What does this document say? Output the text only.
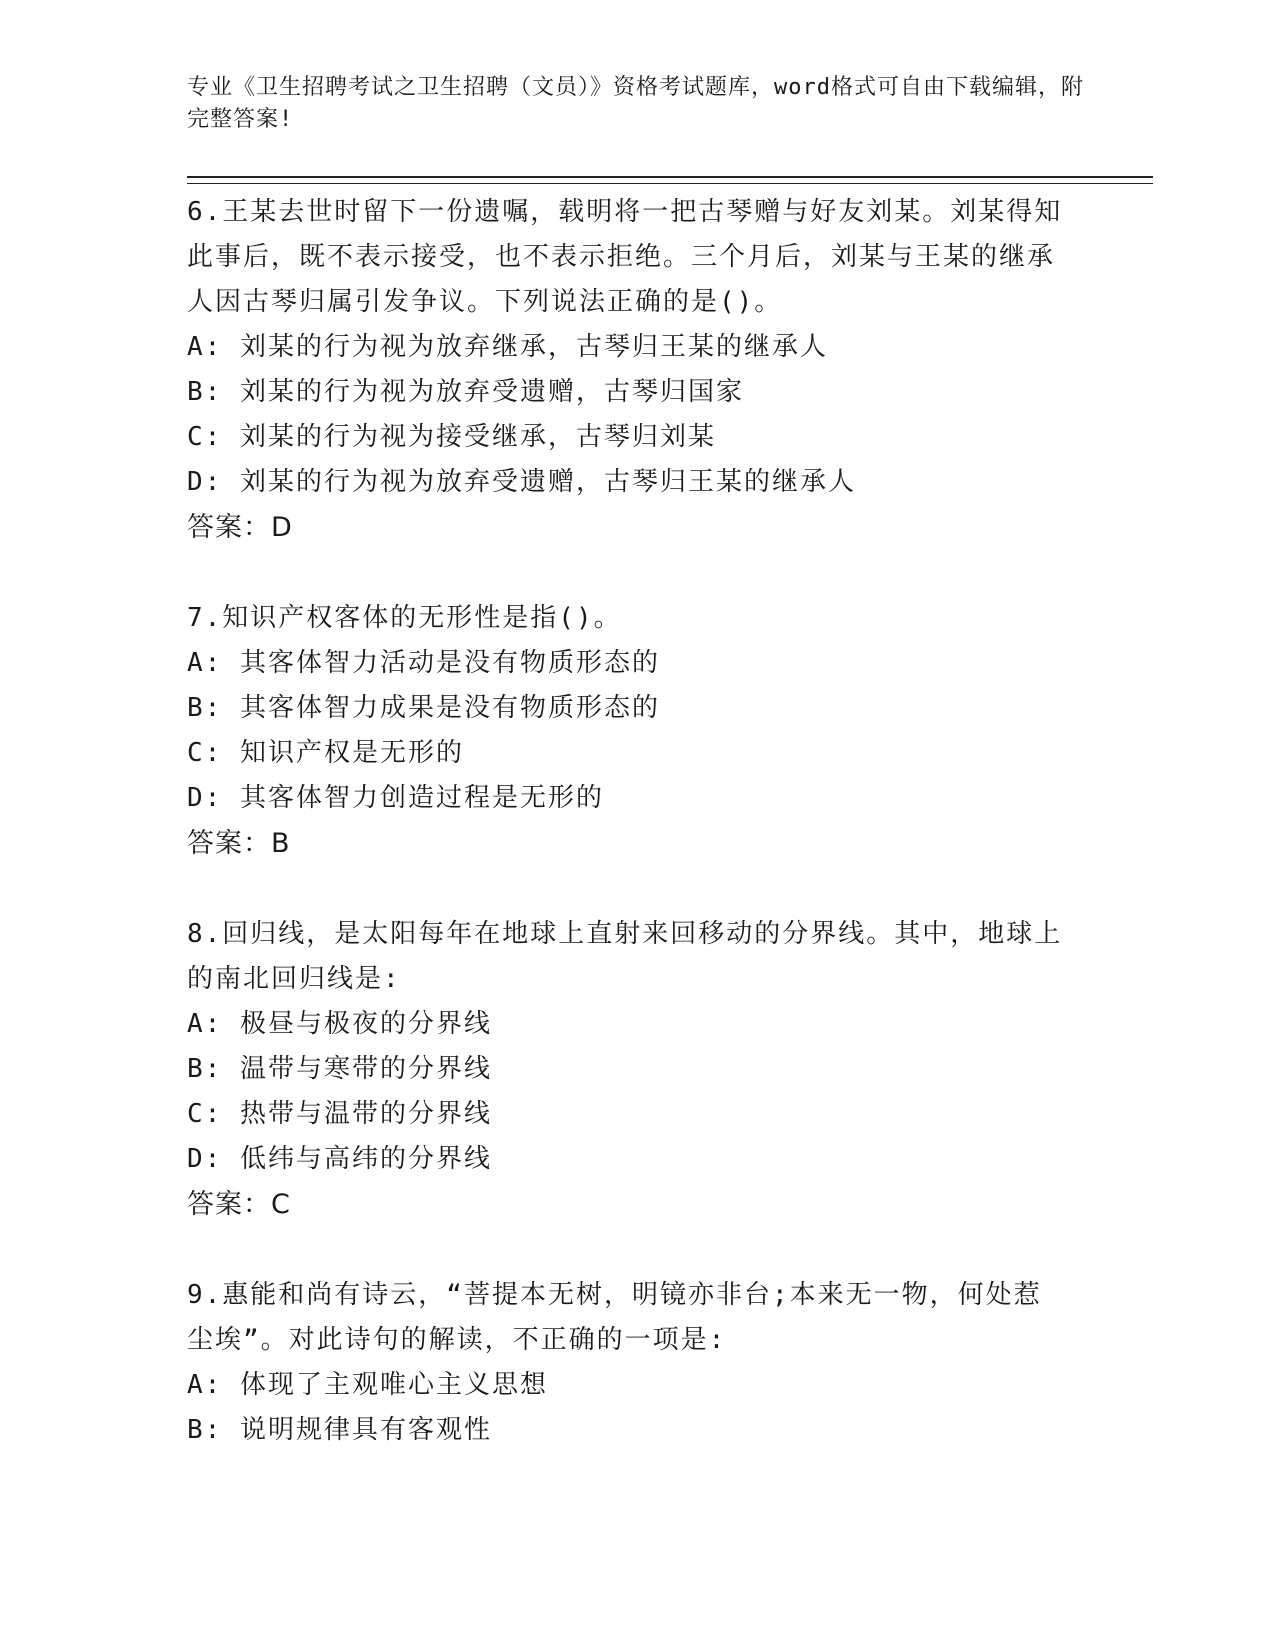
专业《卫生招聘考试之卫生招聘（文员）》资格考试题库，word格式可自由下载编辑，附完整答案!

6.王某去世时留下一份遗嘱，载明将一把古琴赠与好友刘某。刘某得知此事后，既不表示接受，也不表示拒绝。三个月后，刘某与王某的继承人因古琴归属引发争议。下列说法正确的是()。

A: 刘某的行为视为放弃继承，古琴归王某的继承人

B: 刘某的行为视为放弃受遗赠，古琴归国家

C: 刘某的行为视为接受继承，古琴归刘某

D: 刘某的行为视为放弃受遗赠，古琴归王某的继承人

答案：D

7.知识产权客体的无形性是指()。

A: 其客体智力活动是没有物质形态的

B: 其客体智力成果是没有物质形态的

C: 知识产权是无形的

D: 其客体智力创造过程是无形的

答案：B

8.回归线，是太阳每年在地球上直射来回移动的分界线。其中，地球上的南北回归线是:

A: 极昼与极夜的分界线

B: 温带与寒带的分界线

C: 热带与温带的分界线

D: 低纬与高纬的分界线

答案：C

9.惠能和尚有诗云，“菩提本无树，明镜亦非台;本来无一物，何处惹尘埃”。对此诗句的解读，不正确的一项是:

A: 体现了主观唯心主义思想

B: 说明规律具有客观性
